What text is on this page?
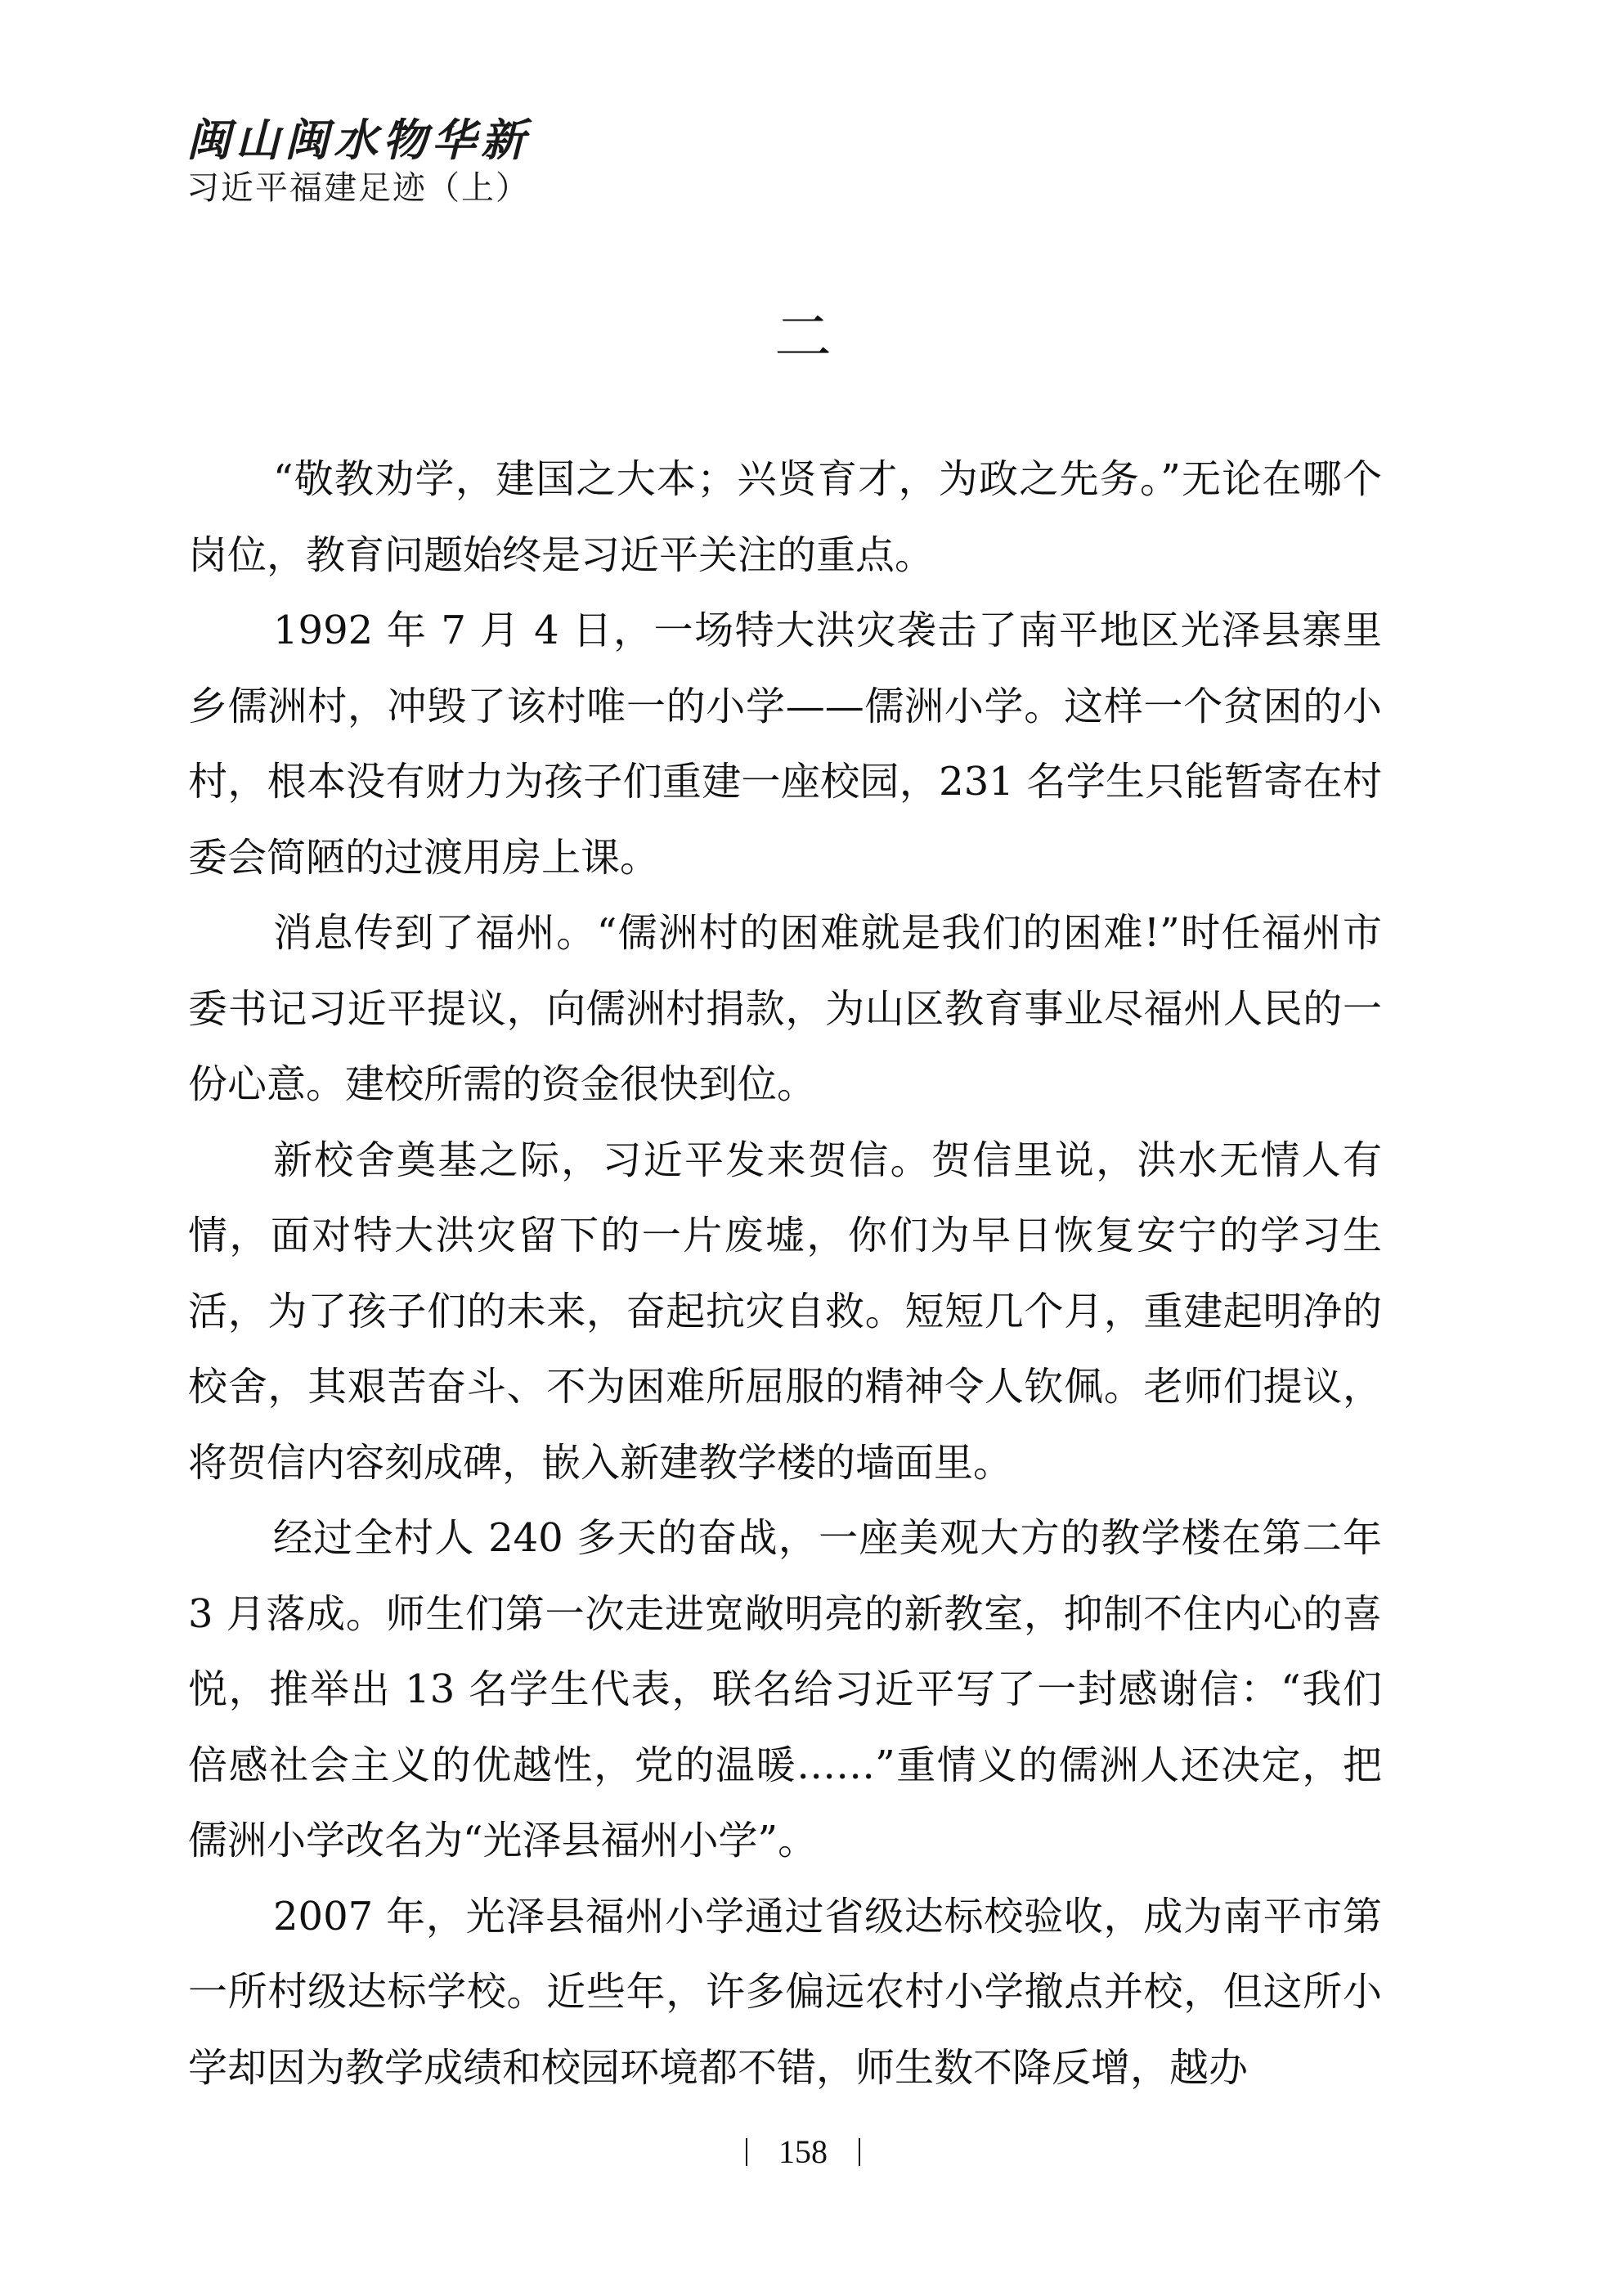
闽山闽水物华新
习近平福建足迹（上）
二

“敬教劝学，建国之大本；兴贤育才，为政之先务。”无论在哪个岗位，教育问题始终是习近平关注的重点。

1992 年 7 月 4 日，一场特大洪灾袭击了南平地区光泽县寨里乡儒洲村，冲毁了该村唯一的小学——儒洲小学。这样一个贫困的小村，根本没有财力为孩子们重建一座校园，231 名学生只能暂寄在村委会简陋的过渡用房上课。

消息传到了福州。“儒洲村的困难就是我们的困难!”时任福州市委书记习近平提议，向儒洲村捐款，为山区教育事业尽福州人民的一份心意。建校所需的资金很快到位。

新校舍奠基之际，习近平发来贺信。贺信里说，洪水无情人有情，面对特大洪灾留下的一片废墟，你们为早日恢复安宁的学习生活，为了孩子们的未来，奋起抗灾自救。短短几个月，重建起明净的校舍，其艰苦奋斗、不为困难所屈服的精神令人钦佩。老师们提议，将贺信内容刻成碑，嵌入新建教学楼的墙面里。

经过全村人 240 多天的奋战，一座美观大方的教学楼在第二年 3 月落成。师生们第一次走进宽敞明亮的新教室，抑制不住内心的喜悦，推举出 13 名学生代表，联名给习近平写了一封感谢信：“我们倍感社会主义的优越性，党的温暖……”重情义的儒洲人还决定，把儒洲小学改名为“光泽县福州小学”。

2007 年，光泽县福州小学通过省级达标校验收，成为南平市第一所村级达标学校。近些年，许多偏远农村小学撤点并校，但这所小学却因为教学成绩和校园环境都不错，师生数不降反增，越办

158
